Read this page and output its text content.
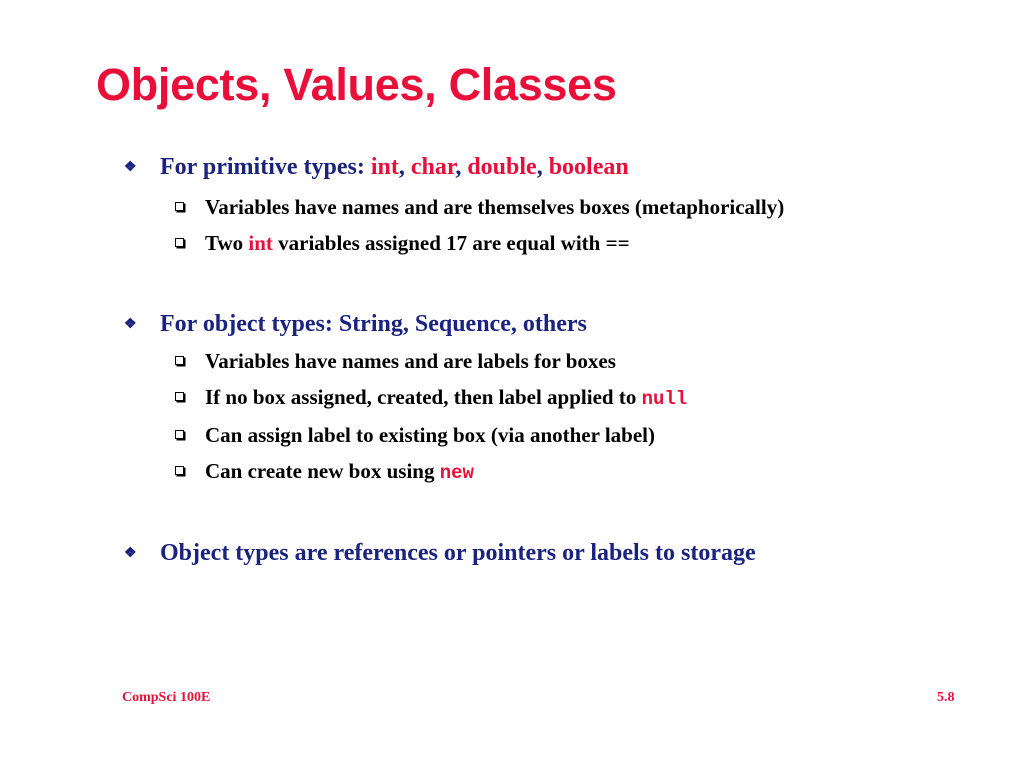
Objects, Values, Classes
❖ For primitive types: int, char, double, boolean
Variables have names and are themselves boxes (metaphorically)
Two int variables assigned 17 are equal with ==
❖ For object types: String, Sequence, others
Variables have names and are labels for boxes
If no box assigned, created, then label applied to null
Can assign label to existing box (via another label)
Can create new box using new
❖ Object types are references or pointers or labels to storage
CompSci 100E	5.8
